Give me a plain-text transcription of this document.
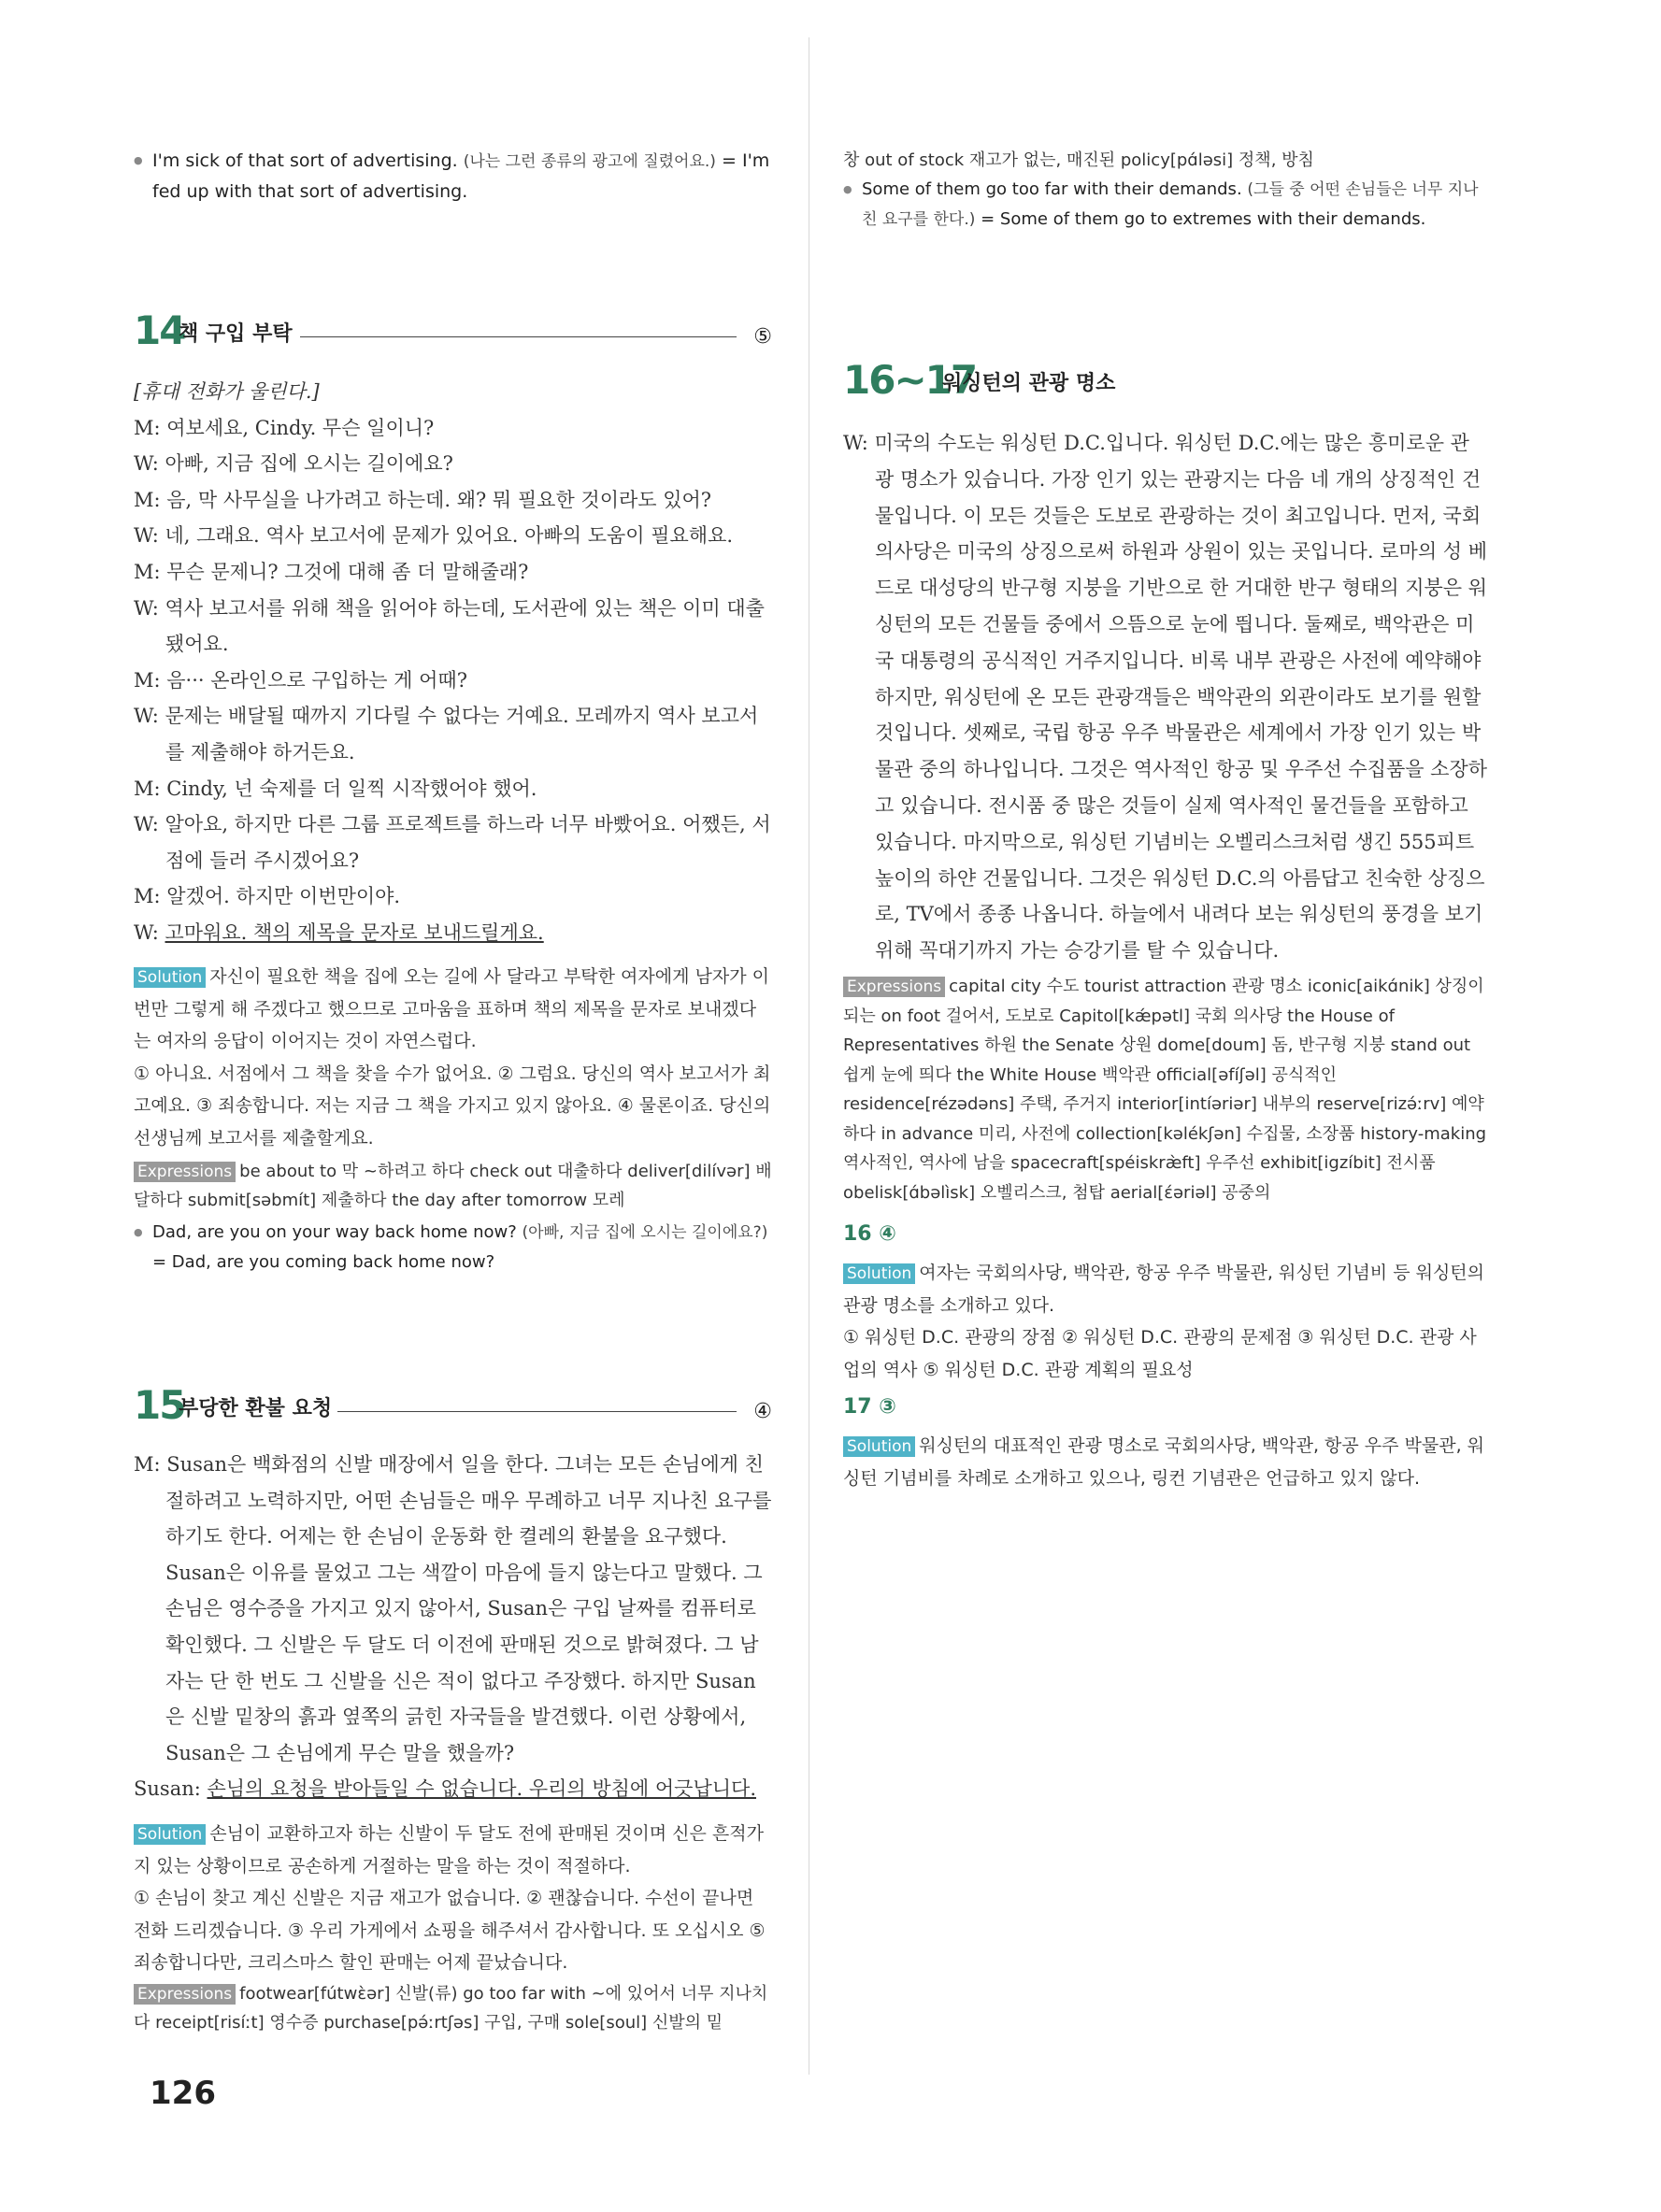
● I'm sick of that sort of advertising. (나는 그런 종류의 광고에 질렸어요.) = I'm fed up with that sort of advertising.
14
책 구입 부탁	⑤

[휴대 전화가 울린다.]

M: 여보세요, Cindy. 무슨 일이니?

W: 아빠, 지금 집에 오시는 길이에요?

M: 음, 막 사무실을 나가려고 하는데. 왜? 뭐 필요한 것이라도 있어?

W: 네, 그래요. 역사 보고서에 문제가 있어요. 아빠의 도움이 필요해요.

M: 무슨 문제니? 그것에 대해 좀 더 말해줄래?

W: 역사 보고서를 위해 책을 읽어야 하는데, 도서관에 있는 책은 이미 대출됐어요.

M: 음··· 온라인으로 구입하는 게 어때?

W: 문제는 배달될 때까지 기다릴 수 없다는 거예요. 모레까지 역사 보고서를 제출해야 하거든요.

M: Cindy, 넌 숙제를 더 일찍 시작했어야 했어.

W: 알아요, 하지만 다른 그룹 프로젝트를 하느라 너무 바빴어요. 어쨌든, 서점에 들러 주시겠어요?

M: 알겠어. 하지만 이번만이야.

W: 고마워요. 책의 제목을 문자로 보내드릴게요.

Solution 자신이 필요한 책을 집에 오는 길에 사 달라고 부탁한 여자에게 남자가 이번만 그렇게 해 주겠다고 했으므로 고마움을 표하며 책의 제목을 문자로 보내겠다는 여자의 응답이 이어지는 것이 자연스럽다.

① 아니요. 서점에서 그 책을 찾을 수가 없어요. ② 그럼요. 당신의 역사 보고서가 최고예요. ③ 죄송합니다. 저는 지금 그 책을 가지고 있지 않아요. ④ 물론이죠. 당신의 선생님께 보고서를 제출할게요.

Expressions be about to 막 ~하려고 하다 check out 대출하다 deliver[dilívər] 배달하다 submit[səbmít] 제출하다 the day after tomorrow 모레

● Dad, are you on your way back home now? (아빠, 지금 집에 오시는 길이에요?) = Dad, are you coming back home now?
15
부당한 환불 요청	④

M: Susan은 백화점의 신발 매장에서 일을 한다. 그녀는 모든 손님에게 친절하려고 노력하지만, 어떤 손님들은 매우 무례하고 너무 지나친 요구를 하기도 한다. 어제는 한 손님이 운동화 한 켤레의 환불을 요구했다. Susan은 이유를 물었고 그는 색깔이 마음에 들지 않는다고 말했다. 그 손님은 영수증을 가지고 있지 않아서, Susan은 구입 날짜를 컴퓨터로 확인했다. 그 신발은 두 달도 더 이전에 판매된 것으로 밝혀졌다. 그 남자는 단 한 번도 그 신발을 신은 적이 없다고 주장했다. 하지만 Susan은 신발 밑창의 흙과 옆쪽의 긁힌 자국들을 발견했다. 이런 상황에서, Susan은 그 손님에게 무슨 말을 했을까?

Susan: 손님의 요청을 받아들일 수 없습니다. 우리의 방침에 어긋납니다.

Solution 손님이 교환하고자 하는 신발이 두 달도 전에 판매된 것이며 신은 흔적가 지 있는 상황이므로 공손하게 거절하는 말을 하는 것이 적절하다.

① 손님이 찾고 계신 신발은 지금 재고가 없습니다. ② 괜찮습니다. 수선이 끝나면 전화 드리겠습니다. ③ 우리 가게에서 쇼핑을 해주셔서 감사합니다. 또 오십시오 ⑤ 죄송합니다만, 크리스마스 할인 판매는 어제 끝났습니다.

Expressions footwear[fútwɛ̀ər] 신발(류) go too far with ~에 있어서 너무 지나치다 receipt[risíːt] 영수증 purchase[pə́ːrtʃəs] 구입, 구매 sole[soul] 신발의 밑

126

창 out of stock 재고가 없는, 매진된 policy[pɑ́ləsi] 정책, 방침

● Some of them go too far with their demands. (그들 중 어떤 손님들은 너무 지나친 요구를 한다.) = Some of them go to extremes with their demands.
16~17
워싱턴의 관광 명소

W: 미국의 수도는 워싱턴 D.C.입니다. 워싱턴 D.C.에는 많은 흥미로운 관광 명소가 있습니다. 가장 인기 있는 관광지는 다음 네 개의 상징적인 건물입니다. 이 모든 것들은 도보로 관광하는 것이 최고입니다. 먼저, 국회의사당은 미국의 상징으로써 하원과 상원이 있는 곳입니다. 로마의 성 베드로 대성당의 반구형 지붕을 기반으로 한 거대한 반구 형태의 지붕은 워싱턴의 모든 건물들 중에서 으뜸으로 눈에 띕니다. 둘째로, 백악관은 미국 대통령의 공식적인 거주지입니다. 비록 내부 관광은 사전에 예약해야 하지만, 워싱턴에 온 모든 관광객들은 백악관의 외관이라도 보기를 원할 것입니다. 셋째로, 국립 항공 우주 박물관은 세계에서 가장 인기 있는 박물관 중의 하나입니다. 그것은 역사적인 항공 및 우주선 수집품을 소장하고 있습니다. 전시품 중 많은 것들이 실제 역사적인 물건들을 포함하고 있습니다. 마지막으로, 워싱턴 기념비는 오벨리스크처럼 생긴 555피트 높이의 하얀 건물입니다. 그것은 워싱턴 D.C.의 아름답고 친숙한 상징으로, TV에서 종종 나옵니다. 하늘에서 내려다 보는 워싱턴의 풍경을 보기 위해 꼭대기까지 가는 승강기를 탈 수 있습니다.

Expressions capital city 수도 tourist attraction 관광 명소 iconic[aikɑ́nik] 상징이 되는 on foot 걸어서, 도보로 Capitol[kǽpətl] 국회 의사당 the House of Representatives 하원 the Senate 상원 dome[doum] 돔, 반구형 지붕 stand out 쉽게 눈에 띄다 the White House 백악관 official[əfíʃəl] 공식적인 residence[rézədəns] 주택, 주거지 interior[intíəriər] 내부의 reserve[rizə́ːrv] 예약하다 in advance 미리, 사전에 collection[kəlékʃən] 수집물, 소장품 history-making 역사적인, 역사에 남을 spacecraft[spéiskræ̀ft] 우주선 exhibit[igzíbit] 전시품 obelisk[ɑ́bəlìsk] 오벨리스크, 첨탑 aerial[ɛ́əriəl] 공중의

16 ④

Solution 여자는 국회의사당, 백악관, 항공 우주 박물관, 워싱턴 기념비 등 워싱턴의 관광 명소를 소개하고 있다.

① 워싱턴 D.C. 관광의 장점 ② 워싱턴 D.C. 관광의 문제점 ③ 워싱턴 D.C. 관광 사업의 역사 ⑤ 워싱턴 D.C. 관광 계획의 필요성

17 ③

Solution 워싱턴의 대표적인 관광 명소로 국회의사당, 백악관, 항공 우주 박물관, 워싱턴 기념비를 차례로 소개하고 있으나, 링컨 기념관은 언급하고 있지 않다.
